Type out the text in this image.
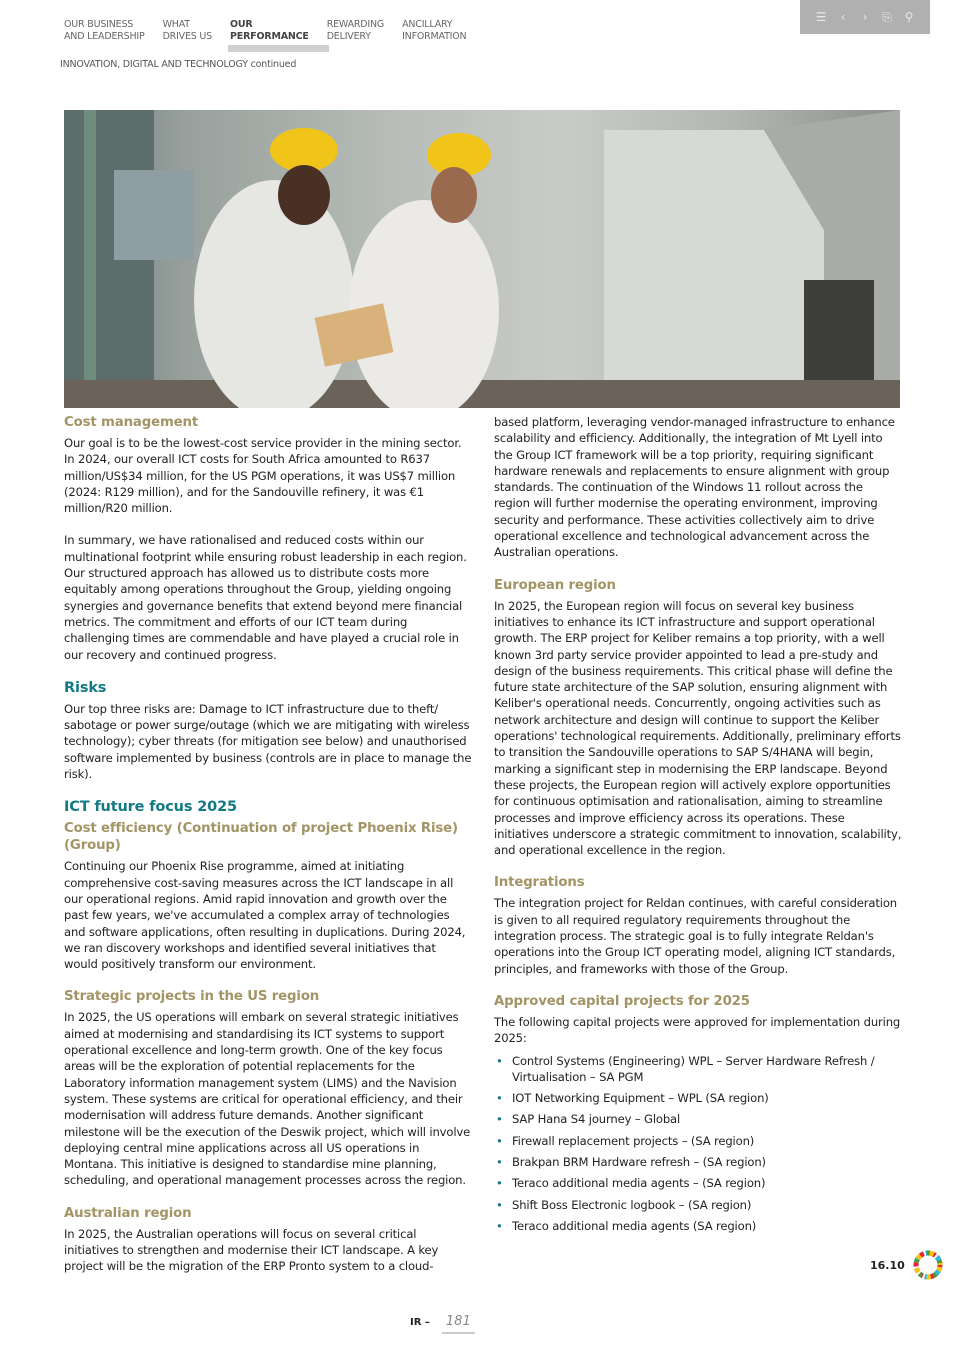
OUR BUSINESS
AND LEADERSHIP
WHAT
DRIVES US
OUR
PERFORMANCE
REWARDING
DELIVERY
ANCILLARY
INFORMATION
INNOVATION, DIGITAL AND TECHNOLOGY continued
☰	‹	›	⎘ ⚲
Cost management

Our goal is to be the lowest-cost service provider in the mining sector. In 2024, our overall ICT costs for South Africa amounted to R637 million/US$34 million, for the US PGM operations, it was US$7 million (2024: R129 million), and for the Sandouville refinery, it was €1 million/R20 million.

In summary, we have rationalised and reduced costs within our multinational footprint while ensuring robust leadership in each region. Our structured approach has allowed us to distribute costs more equitably among operations throughout the Group, yielding ongoing synergies and governance benefits that extend beyond mere financial metrics. The commitment and efforts of our ICT team during challenging times are commendable and have played a crucial role in our recovery and continued progress.

Risks

Our top three risks are: Damage to ICT infrastructure due to theft/ sabotage or power surge/outage (which we are mitigating with wireless technology); cyber threats (for mitigation see below) and unauthorised software implemented by business (controls are in place to manage the risk).

ICT future focus 2025
Cost efficiency (Continuation of project Phoenix Rise) (Group)

Continuing our Phoenix Rise programme, aimed at initiating comprehensive cost-saving measures across the ICT landscape in all our operational regions. Amid rapid innovation and growth over the past few years, we've accumulated a complex array of technologies and software applications, often resulting in duplications. During 2024, we ran discovery workshops and identified several initiatives that would positively transform our environment.

Strategic projects in the US region

In 2025, the US operations will embark on several strategic initiatives aimed at modernising and standardising its ICT systems to support operational excellence and long-term growth. One of the key focus areas will be the exploration of potential replacements for the Laboratory information management system (LIMS) and the Navision system. These systems are critical for operational efficiency, and their modernisation will address future demands. Another significant milestone will be the execution of the Deswik project, which will involve deploying central mine applications across all US operations in Montana. This initiative is designed to standardise mine planning, scheduling, and operational management processes across the region.

Australian region

In 2025, the Australian operations will focus on several critical initiatives to strengthen and modernise their ICT landscape. A key project will be the migration of the ERP Pronto system to a cloud-

based platform, leveraging vendor-managed infrastructure to enhance scalability and efficiency. Additionally, the integration of Mt Lyell into the Group ICT framework will be a top priority, requiring significant hardware renewals and replacements to ensure alignment with group standards. The continuation of the Windows 11 rollout across the region will further modernise the operating environment, improving security and performance. These activities collectively aim to drive operational excellence and technological advancement across the Australian operations.

European region

In 2025, the European region will focus on several key business initiatives to enhance its ICT infrastructure and support operational growth. The ERP project for Keliber remains a top priority, with a well known 3rd party service provider appointed to lead a pre-study and design of the business requirements. This critical phase will define the future state architecture of the SAP solution, ensuring alignment with Keliber's operational needs. Concurrently, ongoing activities such as network architecture and design will continue to support the Keliber operations' technological requirements. Additionally, preliminary efforts to transition the Sandouville operations to SAP S/4HANA will begin, marking a significant step in modernising the ERP landscape. Beyond these projects, the European region will actively explore opportunities for continuous optimisation and rationalisation, aiming to streamline processes and improve efficiency across its operations. These initiatives underscore a strategic commitment to innovation, scalability, and operational excellence in the region.

Integrations

The integration project for Reldan continues, with careful consideration is given to all required regulatory requirements throughout the integration process. The strategic goal is to fully integrate Reldan's operations into the Group ICT operating model, aligning ICT standards, principles, and frameworks with those of the Group.

Approved capital projects for 2025

The following capital projects were approved for implementation during 2025:

• Control Systems (Engineering) WPL – Server Hardware Refresh / Virtualisation – SA PGM
• IOT Networking Equipment – WPL (SA region)
• SAP Hana S4 journey – Global
• Firewall replacement projects – (SA region)
• Brakpan BRM Hardware refresh – (SA region)
• Teraco additional media agents – (SA region)
• Shift Boss Electronic logbook – (SA region)
• Teraco additional media agents (SA region)
16.10
IR –	181
